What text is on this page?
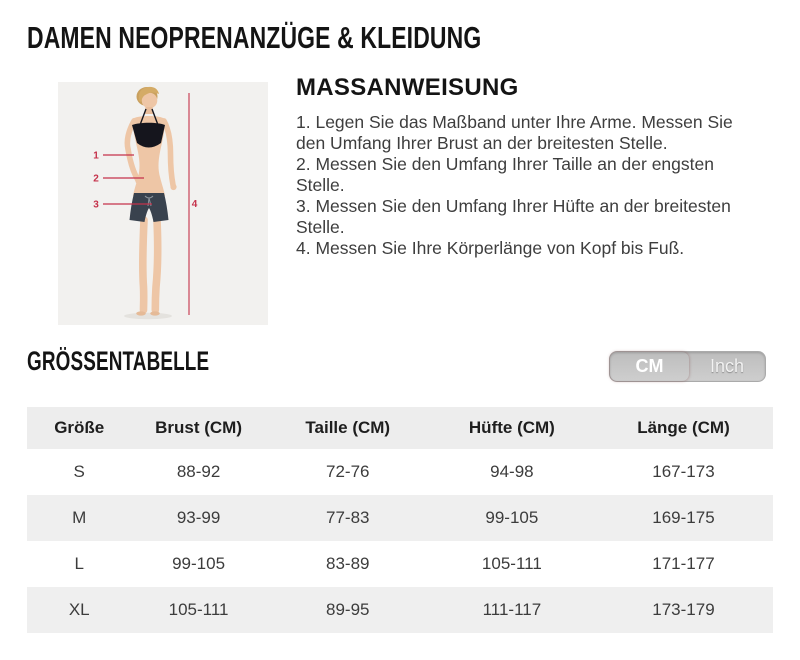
DAMEN NEOPRENANZÜGE & KLEIDUNG
1
2
3	4
MASSANWEISUNG

1. Legen Sie das Maßband unter Ihre Arme. Messen Sie den Umfang Ihrer Brust an der breitesten Stelle.

2. Messen Sie den Umfang Ihrer Taille an der engsten Stelle.

3. Messen Sie den Umfang Ihrer Hüfte an der breitesten Stelle.

4. Messen Sie Ihre Körperlänge von Kopf bis Fuß.

GRÖSSENTABELLE	CM	Inch
Größe	Brust (CM)	Taille (CM)	Hüfte (CM)	Länge (CM)
S	88-92	72-76	94-98	167-173
M	93-99	77-83	99-105	169-175
L	99-105	83-89	105-111	171-177
XL	105-111	89-95	111-117	173-179
